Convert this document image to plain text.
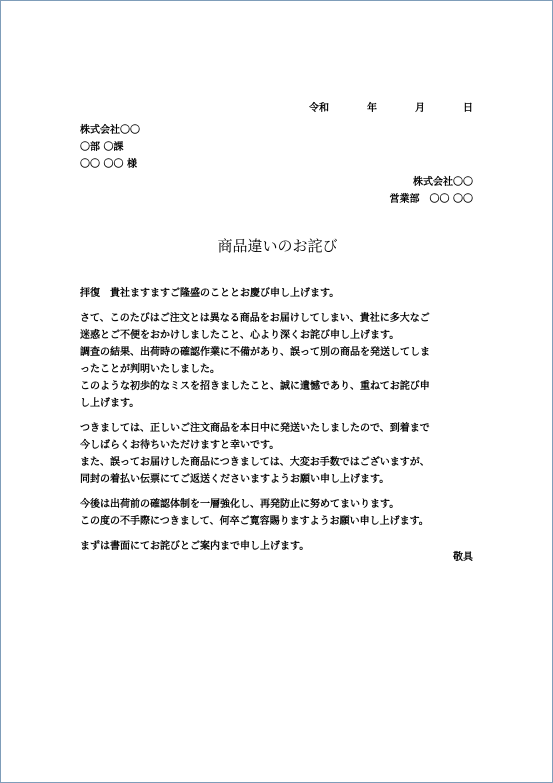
令和	年	月	日
株式会社〇〇
〇部 〇課
〇〇 〇〇 様
株式会社〇〇
営業部　〇〇 〇〇
商品違いのお詫び

拝復　貴社ますますご隆盛のこととお慶び申し上げます。

さて、このたびはご注文とは異なる商品をお届けしてしまい、貴社に多大なご

迷惑とご不便をおかけしましたこと、心より深くお詫び申し上げます。

調査の結果、出荷時の確認作業に不備があり、誤って別の商品を発送してしま

ったことが判明いたしました。

このような初歩的なミスを招きましたこと、誠に遺憾であり、重ねてお詫び申

し上げます。

つきましては、正しいご注文商品を本日中に発送いたしましたので、到着まで

今しばらくお待ちいただけますと幸いです。

また、誤ってお届けした商品につきましては、大変お手数ではございますが、

同封の着払い伝票にてご返送くださいますようお願い申し上げます。

今後は出荷前の確認体制を一層強化し、再発防止に努めてまいります。

この度の不手際につきまして、何卒ご寛容賜りますようお願い申し上げます。

まずは書面にてお詫びとご案内まで申し上げます。

敬具
